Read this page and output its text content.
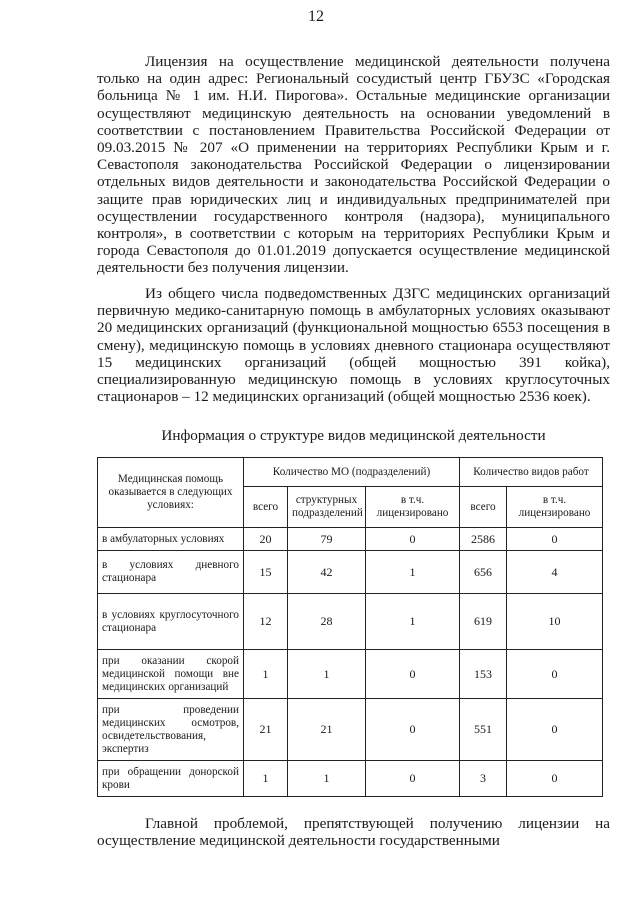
12

Лицензия на осуществление медицинской деятельности получена только на один адрес: Региональный сосудистый центр ГБУЗС «Городская больница № 1 им. Н.И. Пирогова». Остальные медицинские организации осуществляют медицинскую деятельность на основании уведомлений в соответствии с постановлением Правительства Российской Федерации от 09.03.2015 № 207 «О применении на территориях Республики Крым и г. Севастополя законодательства Российской Федерации о лицензировании отдельных видов деятельности и законодательства Российской Федерации о защите прав юридических лиц и индивидуальных предпринимателей при осуществлении государственного контроля (надзора), муниципального контроля», в соответствии с которым на территориях Республики Крым и города Севастополя до 01.01.2019 допускается осуществление медицинской деятельности без получения лицензии.

Из общего числа подведомственных ДЗГС медицинских организаций первичную медико-санитарную помощь в амбулаторных условиях оказывают 20 медицинских организаций (функциональной мощностью 6553 посещения в смену), медицинскую помощь в условиях дневного стационара осуществляют 15 медицинских организаций (общей мощностью 391 койка), специализированную медицинскую помощь в условиях круглосуточных стационаров – 12 медицинских организаций (общей мощностью 2536 коек).

Информация о структуре видов медицинской деятельности
Медицинская помощь оказывается в следующих условиях:	Количество МО (подразделений)			Количество видов работ	
	всего	структурных подразделений	в т.ч. лицензировано	всего	в т.ч. лицензировано
в амбулаторных условиях	20	79	0	2586	0
в условиях дневного стационара	15	42	1	656	4
в условиях круглосуточного стационара	12	28	1	619	10
при оказании скорой медицинской помощи вне медицинских организаций	1	1	0	153	0
при проведении медицинских осмотров, освидетельствования, экспертиз	21	21	0	551	0
при обращении донорской крови	1	1	0	3	0

Главной проблемой, препятствующей получению лицензии на осуществление медицинской деятельности государственными
